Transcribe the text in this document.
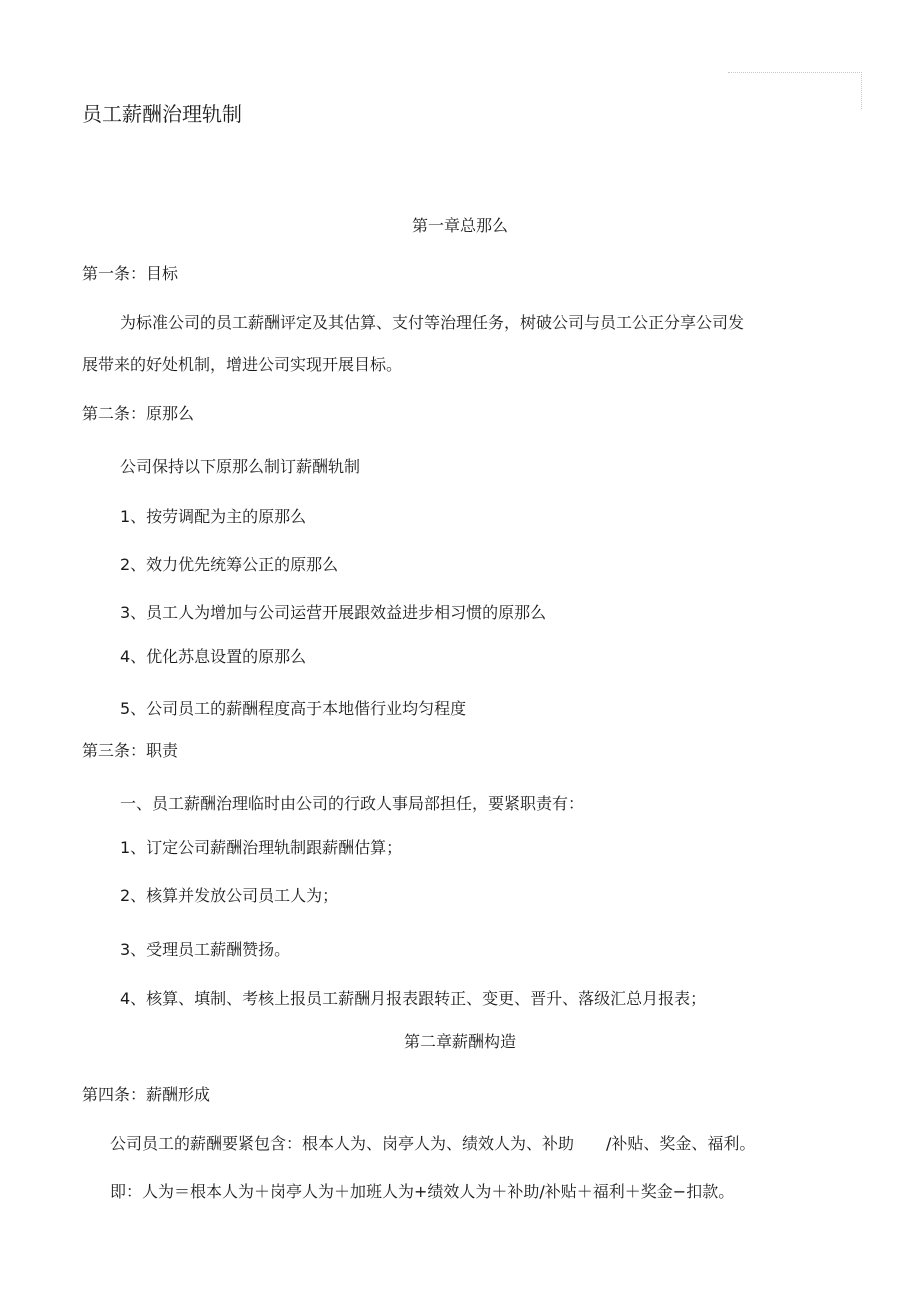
员工薪酬治理轨制
第一章总那么
第一条：目标
为标准公司的员工薪酬评定及其估算、支付等治理任务，树破公司与员工公正分享公司发
展带来的好处机制，增进公司实现开展目标。
第二条：原那么
公司保持以下原那么制订薪酬轨制
1、按劳调配为主的原那么
2、效力优先统筹公正的原那么
3、员工人为增加与公司运营开展跟效益进步相习惯的原那么
4、优化苏息设置的原那么
5、公司员工的薪酬程度高于本地偕行业均匀程度
第三条：职责
一、员工薪酬治理临时由公司的行政人事局部担任，要紧职责有：
1、订定公司薪酬治理轨制跟薪酬估算；
2、核算并发放公司员工人为；
3、受理员工薪酬赞扬。
4、核算、填制、考核上报员工薪酬月报表跟转正、变更、晋升、落级汇总月报表；
第二章薪酬构造
第四条：薪酬形成
公司员工的薪酬要紧包含：根本人为、岗亭人为、绩效人为、补助　　/补贴、奖金、福利。
即：人为＝根本人为＋岗亭人为＋加班人为+绩效人为＋补助/补贴＋福利＋奖金−扣款。
